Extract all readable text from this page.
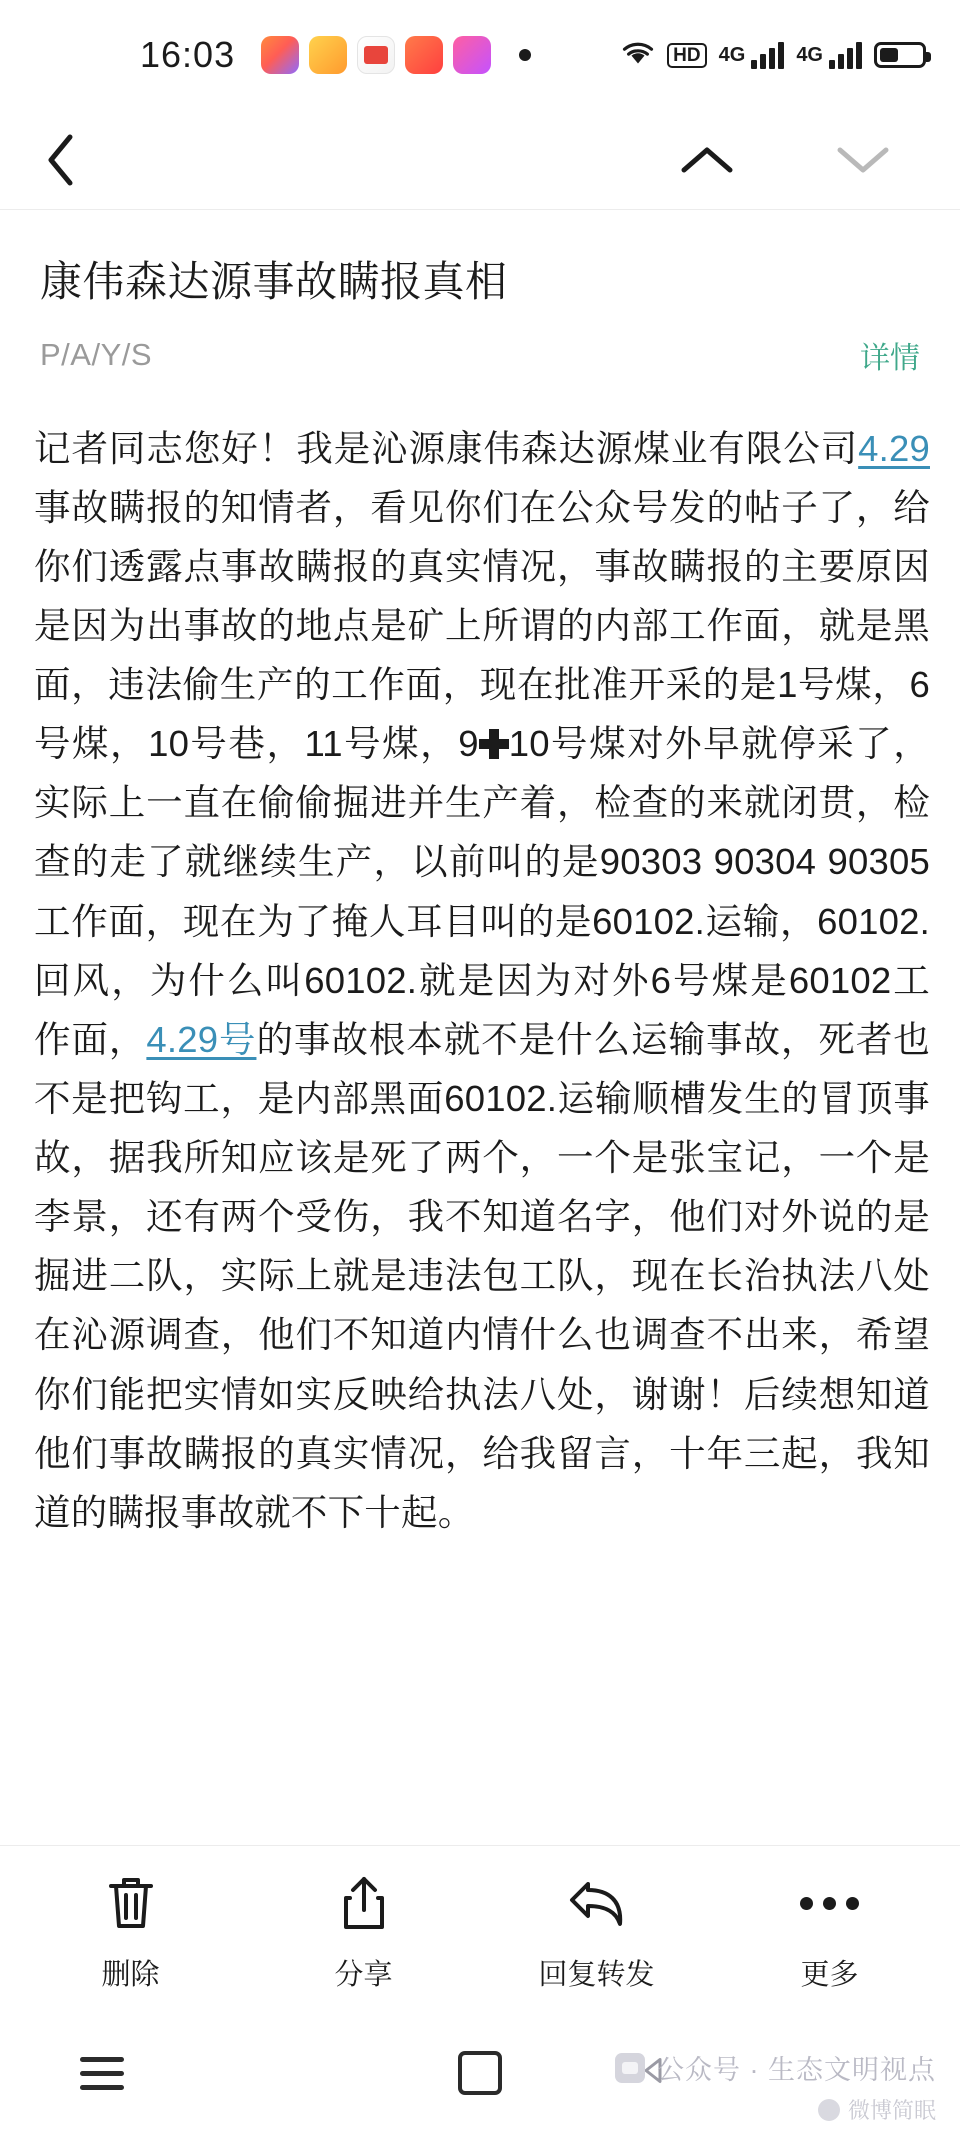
16:03	HD 4G	4G
康伟森达源事故瞒报真相
P/A/Y/S	详情
记者同志您好！我是沁源康伟森达源煤业有限公司4.29事故瞒报的知情者，看见你们在公众号发的帖子了，给你们透露点事故瞒报的真实情况，事故瞒报的主要原因是因为出事故的地点是矿上所谓的内部工作面，就是黑面，违法偷生产的工作面，现在批准开采的是1号煤，6号煤，10号巷，11号煤，9 10号煤对外早就停采了，实际上一直在偷偷掘进并生产着，检查的来就闭贯，检查的走了就继续生产，以前叫的是90303 90304 90305工作面，现在为了掩人耳目叫的是60102.运输，60102.回风，为什么叫60102.就是因为对外6号煤是60102工作面，4.29号的事故根本就不是什么运输事故，死者也不是把钩工，是内部黑面60102.运输顺槽发生的冒顶事故，据我所知应该是死了两个，一个是张宝记，一个是李景，还有两个受伤，我不知道名字，他们对外说的是掘进二队，实际上就是违法包工队，现在长治执法八处在沁源调查，他们不知道内情什么也调查不出来，希望你们能把实情如实反映给执法八处，谢谢！后续想知道他们事故瞒报的真实情况，给我留言，十年三起，我知道的瞒报事故就不下十起。
删除	分享	回复转发	更多
公众号 · 生态文明视点
微博简眠
